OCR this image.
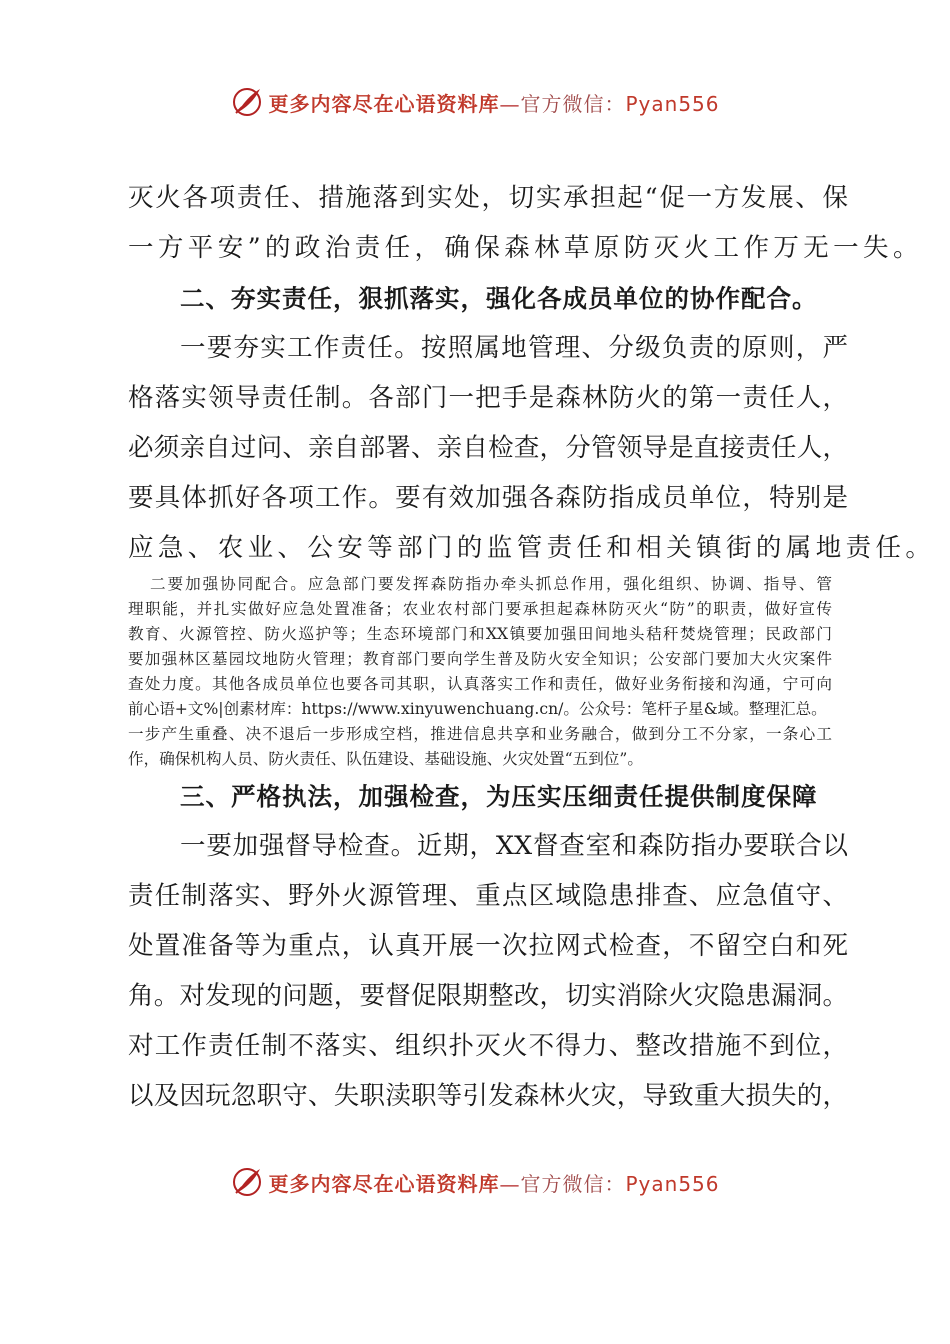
更多内容尽在心语资料库—官方微信：Pyan556
灭火各项责任、措施落到实处，切实承担起“促一方发展、保
一方平安”的政治责任，确保森林草原防灭火工作万无一失。
二、夯实责任，狠抓落实，强化各成员单位的协作配合。
一要夯实工作责任。按照属地管理、分级负责的原则，严
格落实领导责任制。各部门一把手是森林防火的第一责任人，
必须亲自过问、亲自部署、亲自检查，分管领导是直接责任人，
要具体抓好各项工作。要有效加强各森防指成员单位，特别是
应急、农业、公安等部门的监管责任和相关镇街的属地责任。
二要加强协同配合。应急部门要发挥森防指办牵头抓总作用，强化组织、协调、指导、管
理职能，并扎实做好应急处置准备；农业农村部门要承担起森林防灭火“防”的职责，做好宣传
教育、火源管控、防火巡护等；生态环境部门和XX镇要加强田间地头秸秆焚烧管理；民政部门
要加强林区墓园坟地防火管理；教育部门要向学生普及防火安全知识；公安部门要加大火灾案件
查处力度。其他各成员单位也要各司其职，认真落实工作和责任，做好业务衔接和沟通，宁可向
前心语+文%|创素材库：https://www.xinyuwenchuang.cn/。公众号：笔杆子星&域。整理汇总。
一步产生重叠、决不退后一步形成空档，推进信息共享和业务融合，做到分工不分家，一条心工
作，确保机构人员、防火责任、队伍建设、基础设施、火灾处置“五到位”。
三、严格执法，加强检查，为压实压细责任提供制度保障
一要加强督导检查。近期，XX督查室和森防指办要联合以
责任制落实、野外火源管理、重点区域隐患排查、应急值守、
处置准备等为重点，认真开展一次拉网式检查，不留空白和死
角。对发现的问题，要督促限期整改，切实消除火灾隐患漏洞。
对工作责任制不落实、组织扑灭火不得力、整改措施不到位，
以及因玩忽职守、失职渎职等引发森林火灾，导致重大损失的，
更多内容尽在心语资料库—官方微信：Pyan556
